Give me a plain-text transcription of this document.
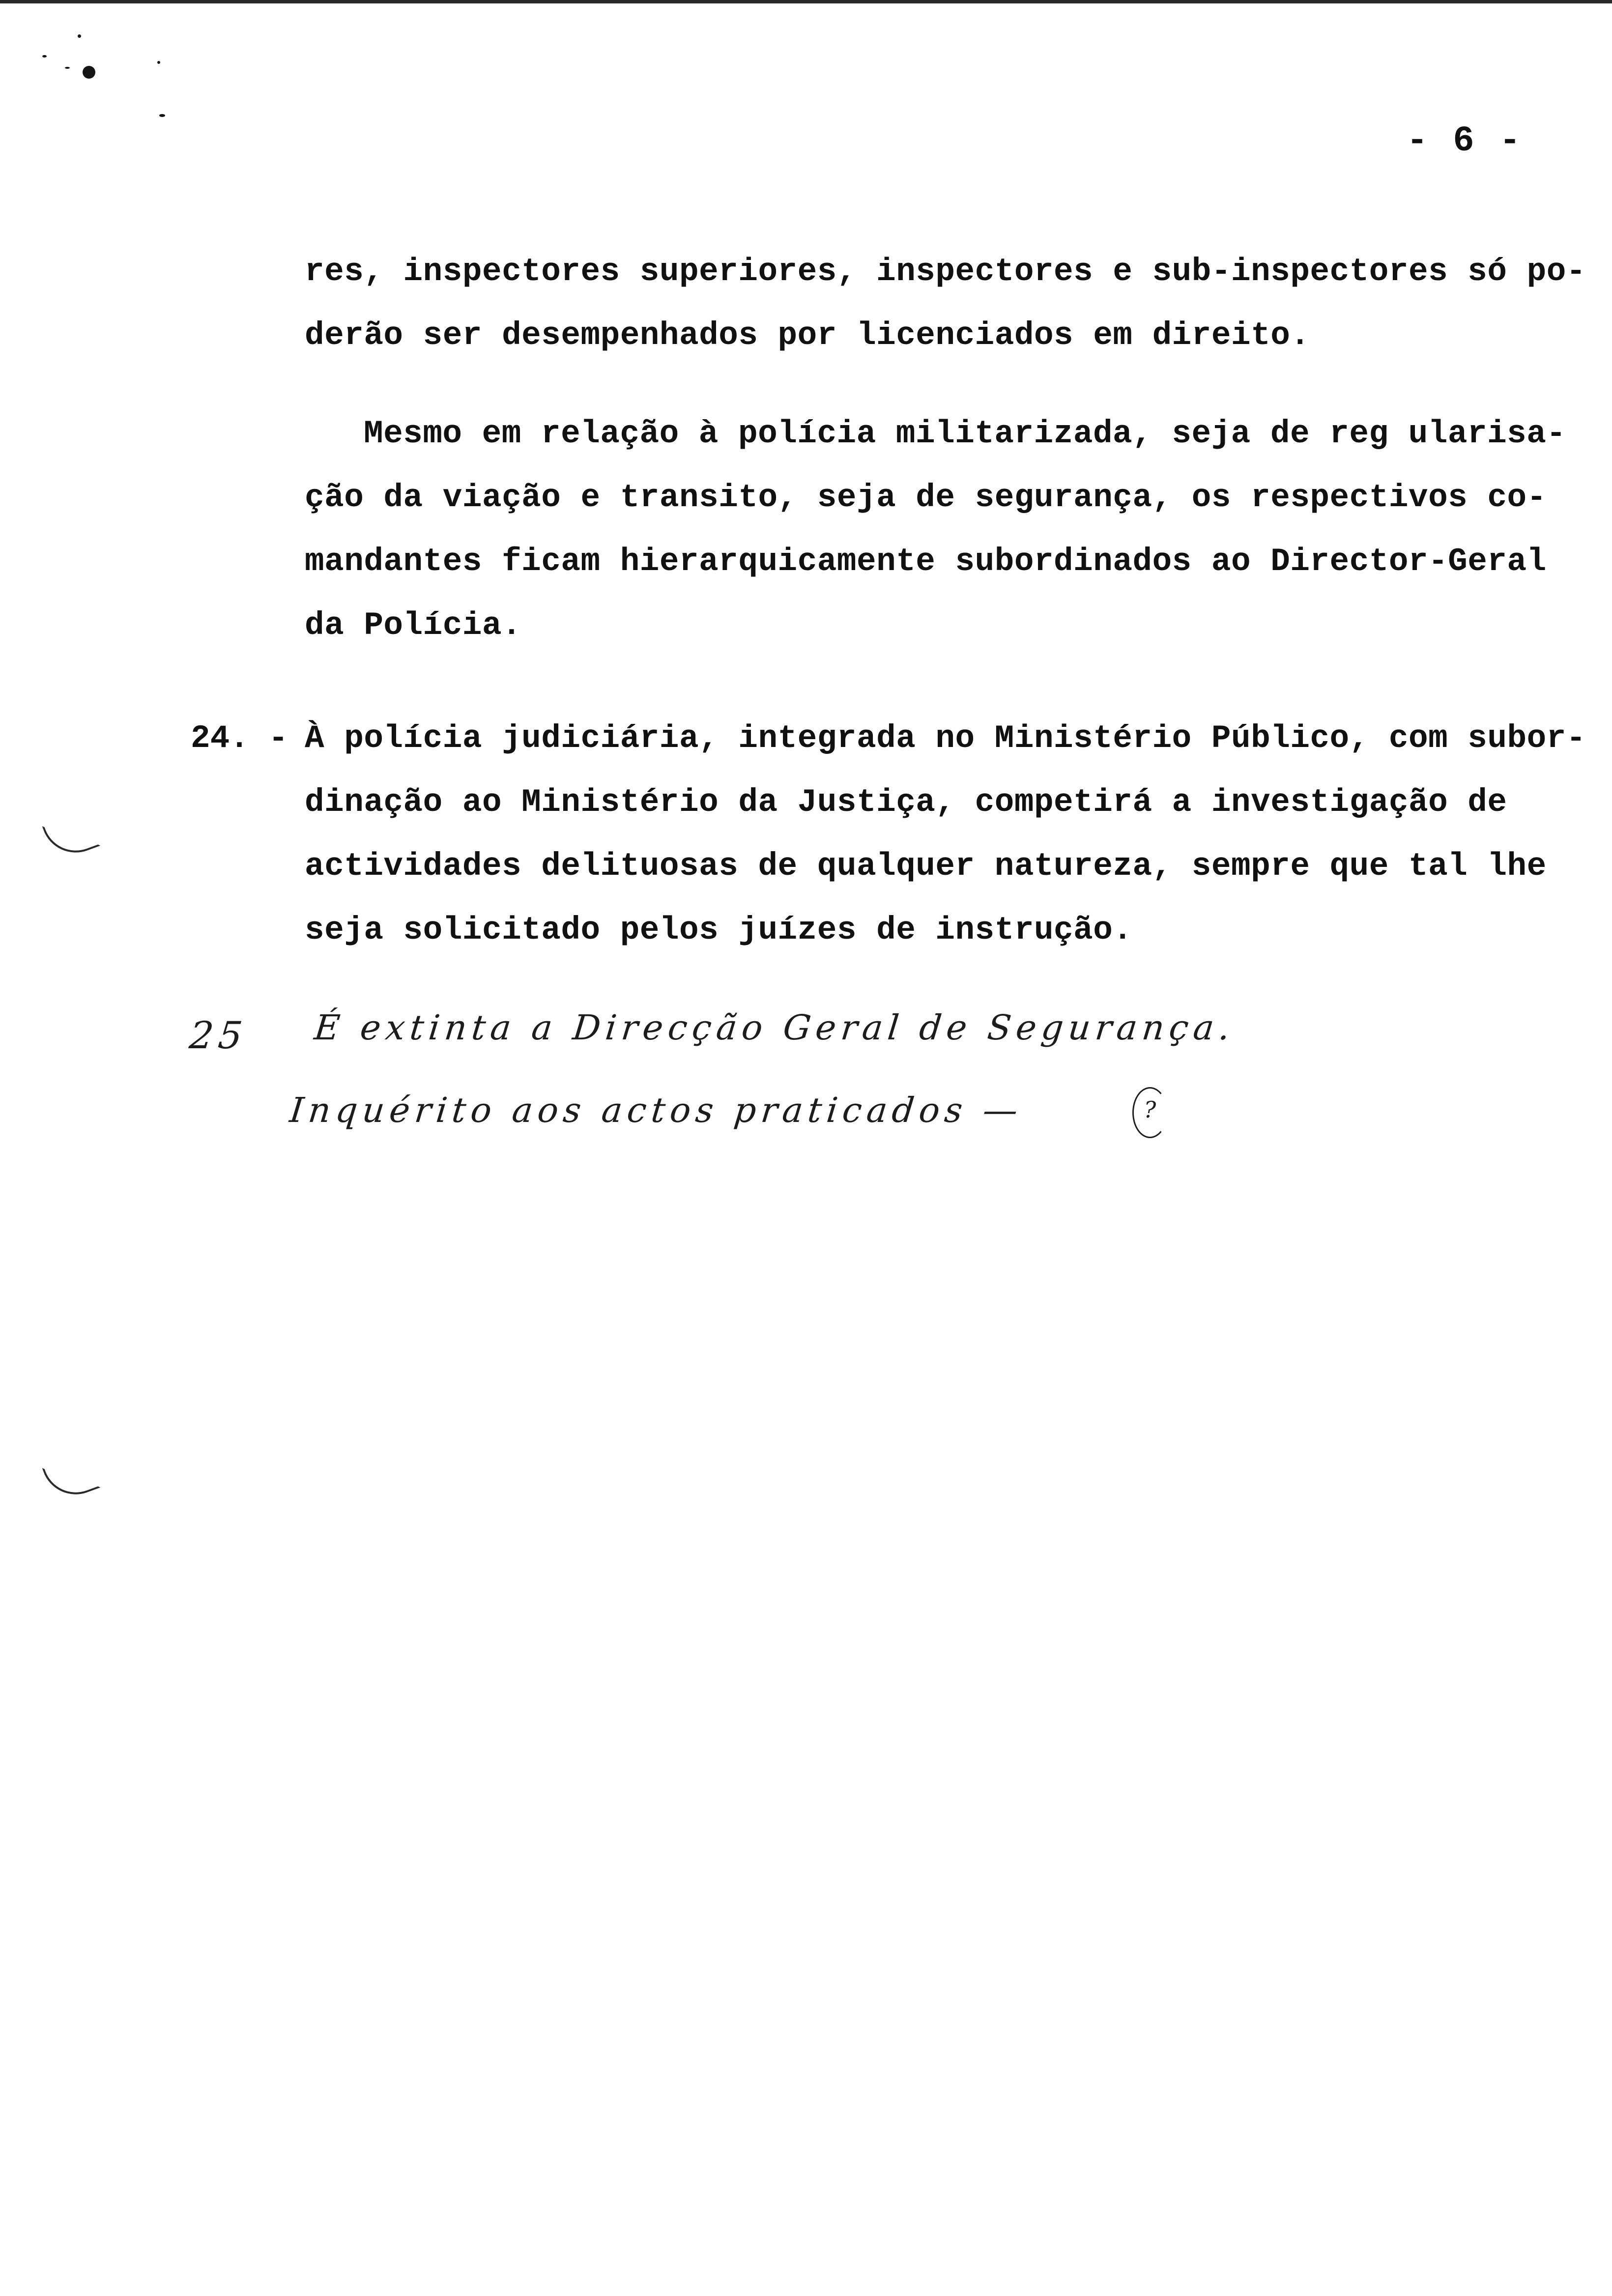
- 6 -
res, inspectores superiores, inspectores e sub-inspectores só po-
derão ser desempenhados por licenciados em direito.
Mesmo em relação à polícia militarizada, seja de reg ularisa-
ção da viação e transito, seja de segurança, os respectivos co-
mandantes ficam hierarquicamente subordinados ao Director-Geral
da Polícia.
24. - À polícia judiciária, integrada no Ministério Público, com subor-
dinação ao Ministério da Justiça, competirá a investigação de
actividades delituosas de qualquer natureza, sempre que tal lhe
seja solicitado pelos juízes de instrução.
25 É extinta a Direcção Geral de Segurança.
Inquérito aos actos praticados —	?
